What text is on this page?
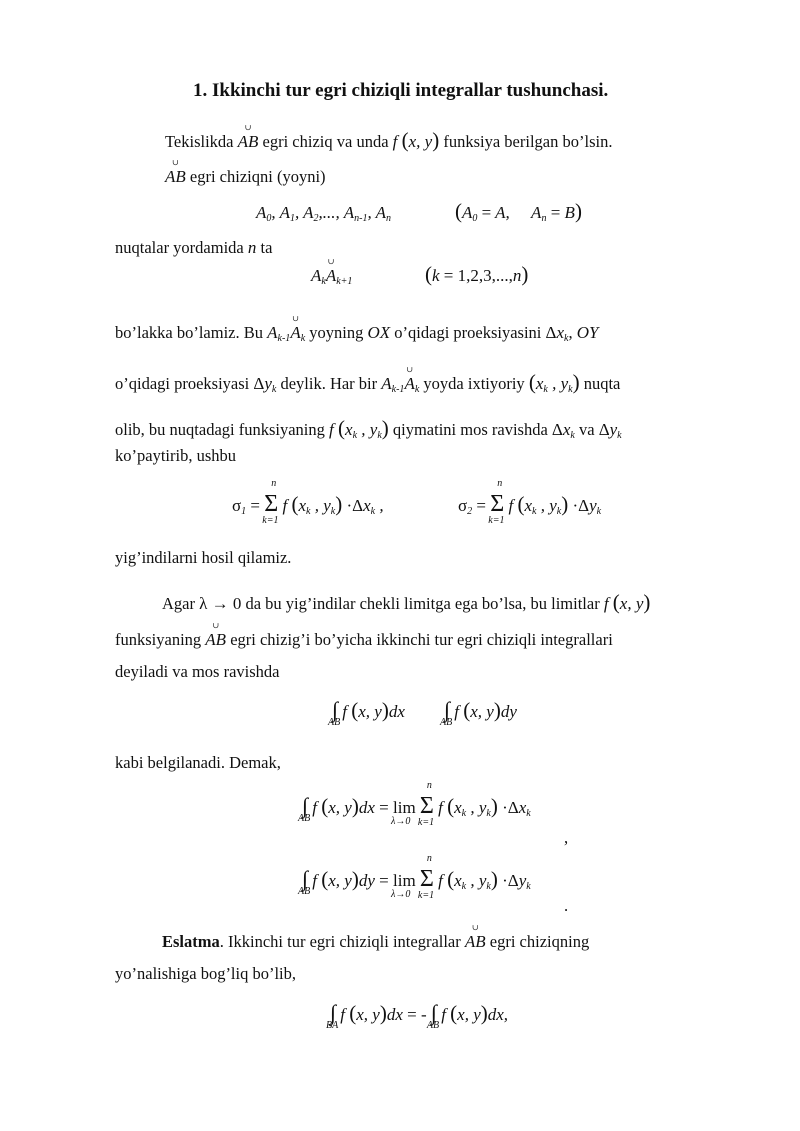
1. Ikkinchi tur egri chiziqli integrallar tushunchasi.
Tekislikda ∪ AB egri chiziq va unda f (x, y) funksiya berilgan bo’lsin.
∪ AB egri chiziqni (yoyni)
$A_0$, $A_1$, $A_2$,..., $A_{n-1}$, $A_n$	($A_0 = A$,     $A_n = B$)
nuqtalar yordamida n ta
$A_k\cup$ $A_{k+1}$	(k = 1,2,3,...,n)
bo’lakka bo’lamiz. Bu $A_{k-1}\cup$ $A_k$ yoyning OX o’qidagi proeksiyasini $\Delta x_k$, OY
o’qidagi proeksiyasi $\Delta y_k$ deylik. Har bir $A_{k-1}\cup$ $A_k$ yoyda ixtiyoriy ($x_k$ , $y_k$) nuqta
olib, bu nuqtadagi funksiyaning f ($x_k$ , $y_k$) qiymatini mos ravishda $\Delta x_k$ va $\Delta y_k$
ko’paytirib, ushbu
$\sigma_1$ =
n
Σ
k=1
f ($x_k$ , $y_k) \cdot\Delta x_k$ ,	$\sigma_2$ =
n
Σ
k=1
f ($x_k$ , $y_k) \cdot\Delta y_k$
yig’indilarni hosil qilamiz.
Agar λ → 0 da bu yig’indilar chekli limitga ega bo’lsa, bu limitlar f (x, y)
funksiyaning ∪ AB egri chizig’i bo’yicha ikkinchi tur egri chiziqli integrallari
deyiladi va mos ravishda
∫
AB
f (x, y)dx ∫
AB
f (x, y)dy
kabi belgilanadi. Demak,
∫
AB
f (x, y)dx = lim
λ→0

n
Σ
k=1
f ($x_k$ , $y_k) \cdot\Delta x_k$
,
∫
AB
f (x, y)dy = lim
λ→0

n
Σ
k=1
f ($x_k$ , $y_k) \cdot\Delta y_k$
.
Eslatma. Ikkinchi tur egri chiziqli integrallar ∪ AB egri chiziqning
yo’nalishiga bog’liq bo’lib,
∫
BA
f (x, y)dx = - ∫
AB
f (x, y)dx,
